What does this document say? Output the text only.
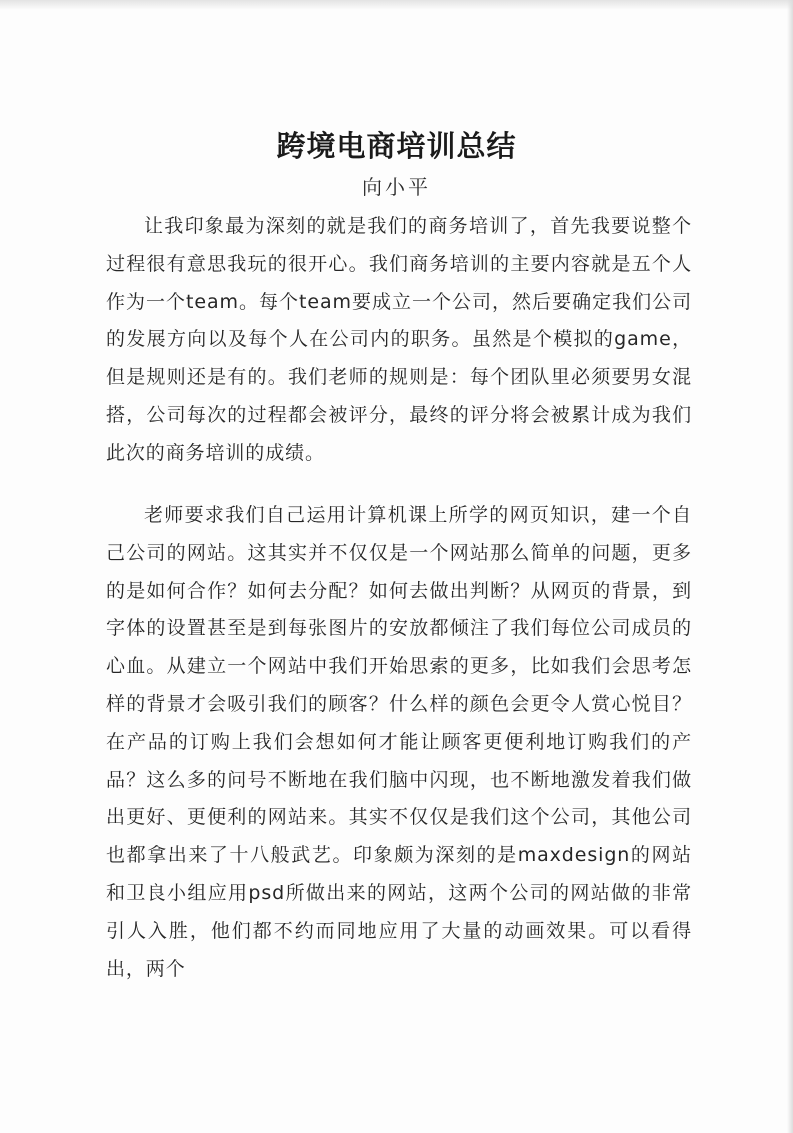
跨境电商培训总结
向小平

让我印象最为深刻的就是我们的商务培训了，首先我要说整个过程很有意思我玩的很开心。我们商务培训的主要内容就是五个人作为一个team。每个team要成立一个公司，然后要确定我们公司的发展方向以及每个人在公司内的职务。虽然是个模拟的game，但是规则还是有的。我们老师的规则是：每个团队里必须要男女混搭，公司每次的过程都会被评分，最终的评分将会被累计成为我们此次的商务培训的成绩。

老师要求我们自己运用计算机课上所学的网页知识，建一个自己公司的网站。这其实并不仅仅是一个网站那么简单的问题，更多的是如何合作？如何去分配？如何去做出判断？从网页的背景，到字体的设置甚至是到每张图片的安放都倾注了我们每位公司成员的心血。从建立一个网站中我们开始思索的更多，比如我们会思考怎样的背景才会吸引我们的顾客？什么样的颜色会更令人赏心悦目？在产品的订购上我们会想如何才能让顾客更便利地订购我们的产品？这么多的问号不断地在我们脑中闪现，也不断地激发着我们做出更好、更便利的网站来。其实不仅仅是我们这个公司，其他公司也都拿出来了十八般武艺。印象颇为深刻的是maxdesign的网站和卫良小组应用psd所做出来的网站，这两个公司的网站做的非常引人入胜，他们都不约而同地应用了大量的动画效果。可以看得出，两个
